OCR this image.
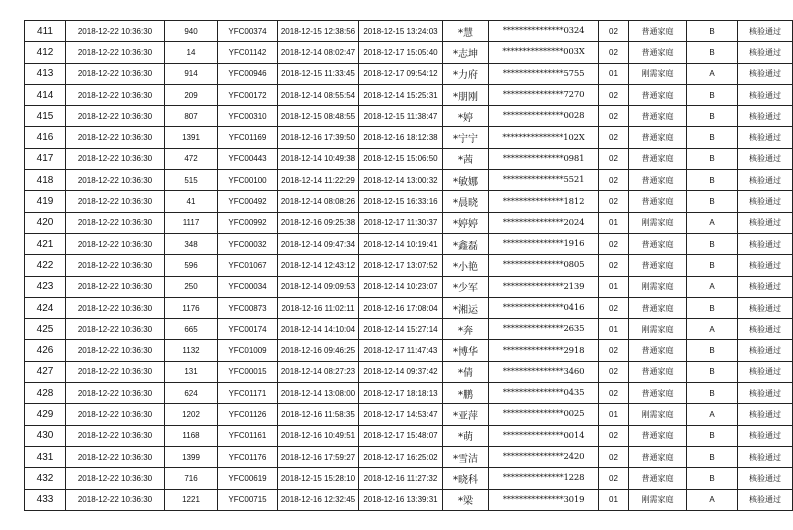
411	2018-12-22 10:36:30	940	YFC00374	2018-12-15 12:38:56	2018-12-15 13:24:03	*慧	***************0324	02	普通家庭	B	核验通过
412	2018-12-22 10:36:30	14	YFC01142	2018-12-14 08:02:47	2018-12-17 15:05:40	*志坤	***************003X	02	普通家庭	B	核验通过
413	2018-12-22 10:36:30	914	YFC00946	2018-12-15 11:33:45	2018-12-17 09:54:12	*力府	***************5755	01	刚需家庭	A	核验通过
414	2018-12-22 10:36:30	209	YFC00172	2018-12-14 08:55:54	2018-12-14 15:25:31	*朋刚	***************7270	02	普通家庭	B	核验通过
415	2018-12-22 10:36:30	807	YFC00310	2018-12-15 08:48:55	2018-12-15 11:38:47	*婷	***************0028	02	普通家庭	B	核验通过
416	2018-12-22 10:36:30	1391	YFC01169	2018-12-16 17:39:50	2018-12-16 18:12:38	*宁宁	***************102X	02	普通家庭	B	核验通过
417	2018-12-22 10:36:30	472	YFC00443	2018-12-14 10:49:38	2018-12-15 15:06:50	*茜	***************0981	02	普通家庭	B	核验通过
418	2018-12-22 10:36:30	515	YFC00100	2018-12-14 11:22:29	2018-12-14 13:00:32	*敏娜	***************5521	02	普通家庭	B	核验通过
419	2018-12-22 10:36:30	41	YFC00492	2018-12-14 08:08:26	2018-12-15 16:33:16	*晨晓	***************1812	02	普通家庭	B	核验通过
420	2018-12-22 10:36:30	1117	YFC00992	2018-12-16 09:25:38	2018-12-17 11:30:37	*婷婷	***************2024	01	刚需家庭	A	核验通过
421	2018-12-22 10:36:30	348	YFC00032	2018-12-14 09:47:34	2018-12-14 10:19:41	*鑫磊	***************1916	02	普通家庭	B	核验通过
422	2018-12-22 10:36:30	596	YFC01067	2018-12-14 12:43:12	2018-12-17 13:07:52	*小艳	***************0805	02	普通家庭	B	核验通过
423	2018-12-22 10:36:30	250	YFC00034	2018-12-14 09:09:53	2018-12-14 10:23:07	*少军	***************2139	01	刚需家庭	A	核验通过
424	2018-12-22 10:36:30	1176	YFC00873	2018-12-16 11:02:11	2018-12-16 17:08:04	*湘运	***************0416	02	普通家庭	B	核验通过
425	2018-12-22 10:36:30	665	YFC00174	2018-12-14 14:10:04	2018-12-14 15:27:14	*奔	***************2635	01	刚需家庭	A	核验通过
426	2018-12-22 10:36:30	1132	YFC01009	2018-12-16 09:46:25	2018-12-17 11:47:43	*博华	***************2918	02	普通家庭	B	核验通过
427	2018-12-22 10:36:30	131	YFC00015	2018-12-14 08:27:23	2018-12-14 09:37:42	*倩	***************3460	02	普通家庭	B	核验通过
428	2018-12-22 10:36:30	624	YFC01171	2018-12-14 13:08:00	2018-12-17 18:18:13	*鹏	***************0435	02	普通家庭	B	核验通过
429	2018-12-22 10:36:30	1202	YFC01126	2018-12-16 11:58:35	2018-12-17 14:53:47	*亚萍	***************0025	01	刚需家庭	A	核验通过
430	2018-12-22 10:36:30	1168	YFC01161	2018-12-16 10:49:51	2018-12-17 15:48:07	*萌	***************0014	02	普通家庭	B	核验通过
431	2018-12-22 10:36:30	1399	YFC01176	2018-12-16 17:59:27	2018-12-17 16:25:02	*雪洁	***************2420	02	普通家庭	B	核验通过
432	2018-12-22 10:36:30	716	YFC00619	2018-12-15 15:28:10	2018-12-16 11:27:32	*晓科	***************1228	02	普通家庭	B	核验通过
433	2018-12-22 10:36:30	1221	YFC00715	2018-12-16 12:32:45	2018-12-16 13:39:31	*梁	***************3019	01	刚需家庭	A	核验通过
